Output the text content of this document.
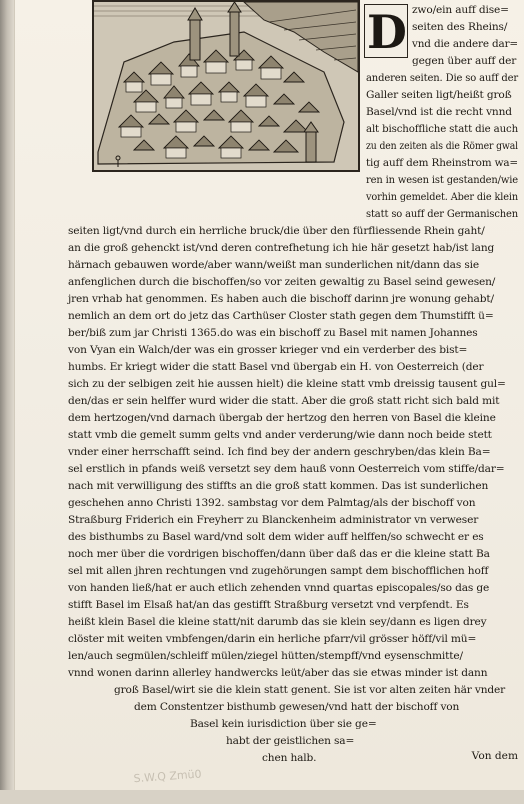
D zwo/ein auff dise=
seiten des Rheins/
vnd die andere dar=
gegen über auff der
anderen seiten. Die so auff der
Galler seiten ligt/heißt groß
Basel/vnd ist die recht vnnd
alt bischoffliche statt die auch
zu den zeiten als die Römer gwal
tig auff dem Rheinstrom wa=
ren in wesen ist gestanden/wie
vorhin gemeldet. Aber die klein
statt so auff der Germanischen
seiten ligt/vnd durch ein herrliche bruck/die über den fürfliessende Rhein gaht/
an die groß gehenckt ist/vnd deren contrefhetung ich hie här gesetzt hab/ist lang
härnach gebauwen worde/aber wann/weißt man sunderlichen nit/dann das sie
anfenglichen durch die bischoffen/so vor zeiten gewaltig zu Basel seind gewesen/
jren vrhab hat genommen. Es haben auch die bischoff darinn jre wonung gehabt/
nemlich an dem ort do jetz das Carthüser Closter stath gegen dem Thumstifft ü=
ber/biß zum jar Christi 1365.do was ein bischoff zu Basel mit namen Johannes
von Vyan ein Walch/der was ein grosser krieger vnd ein verderber des bist=
humbs. Er kriegt wider die statt Basel vnd übergab ein H. von Oesterreich (der
sich zu der selbigen zeit hie aussen hielt) die kleine statt vmb dreissig tausent gul=
den/das er sein helffer wurd wider die statt. Aber die groß statt richt sich bald mit
dem hertzogen/vnd darnach übergab der hertzog den herren von Basel die kleine
statt vmb die gemelt summ gelts vnd ander verderung/wie dann noch beide stett
vnder einer herrschafft seind. Ich find bey der andern geschryben/das klein Ba=
sel erstlich in pfands weiß versetzt sey dem hauß vonn Oesterreich vom stiffe/dar=
nach mit verwilligung des stiffts an die groß statt kommen. Das ist sunderlichen
geschehen anno Christi 1392. sambstag vor dem Palmtag/als der bischoff von
Straßburg Friderich ein Freyherr zu Blanckenheim administrator vn verweser
des bisthumbs zu Basel ward/vnd solt dem wider auff helffen/so schwecht er es
noch mer über die vordrigen bischoffen/dann über daß das er die kleine statt Ba
sel mit allen jhren rechtungen vnd zugehörungen sampt dem bischofflichen hoff
von handen ließ/hat er auch etlich zehenden vnnd quartas episcopales/so das ge
stifft Basel im Elsaß hat/an das gestifft Straßburg versetzt vnd verpfendt. Es
heißt klein Basel die kleine statt/nit darumb das sie klein sey/dann es ligen drey
clöster mit weiten vmbfengen/darin ein herliche pfarr/vil grösser höff/vil mü=
len/auch segmülen/schleiff mülen/ziegel hütten/stempff/vnd eysenschmitte/
vnnd wonen darinn allerley handwercks leüt/aber das sie etwas minder ist dann
groß Basel/wirt sie die klein statt genent. Sie ist vor alten zeiten här vnder
dem Constentzer bisthumb gewesen/vnd hatt der bischoff von
Basel kein iurisdiction über sie ge=
habt der geistlichen sa=
chen halb.	Von dem
S.W.Q Zmü0
